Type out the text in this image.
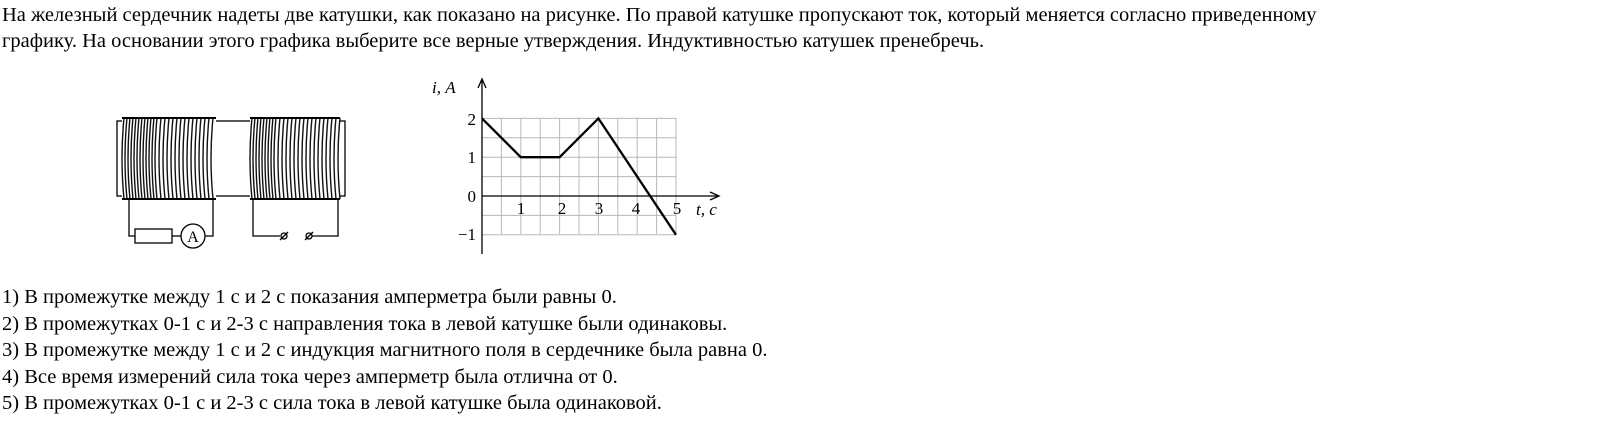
На железный сердечник надеты две катушки, как показано на рисунке. По правой катушке пропускают ток, который меняется согласно приведенному

графику. На основании этого графика выберите все верные утверждения. Индуктивностью катушек пренебречь.

A
2
1
0
−1
1 2 3 4 5
i, А
t, с
1) В промежутке между 1 с и 2 с показания амперметра были равны 0.
2) В промежутках 0-1 с и 2-3 с направления тока в левой катушке были одинаковы.
3) В промежутке между 1 с и 2 с индукция магнитного поля в сердечнике была равна 0.
4) Все время измерений сила тока через амперметр была отлична от 0.
5) В промежутках 0-1 с и 2-3 с сила тока в левой катушке была одинаковой.
